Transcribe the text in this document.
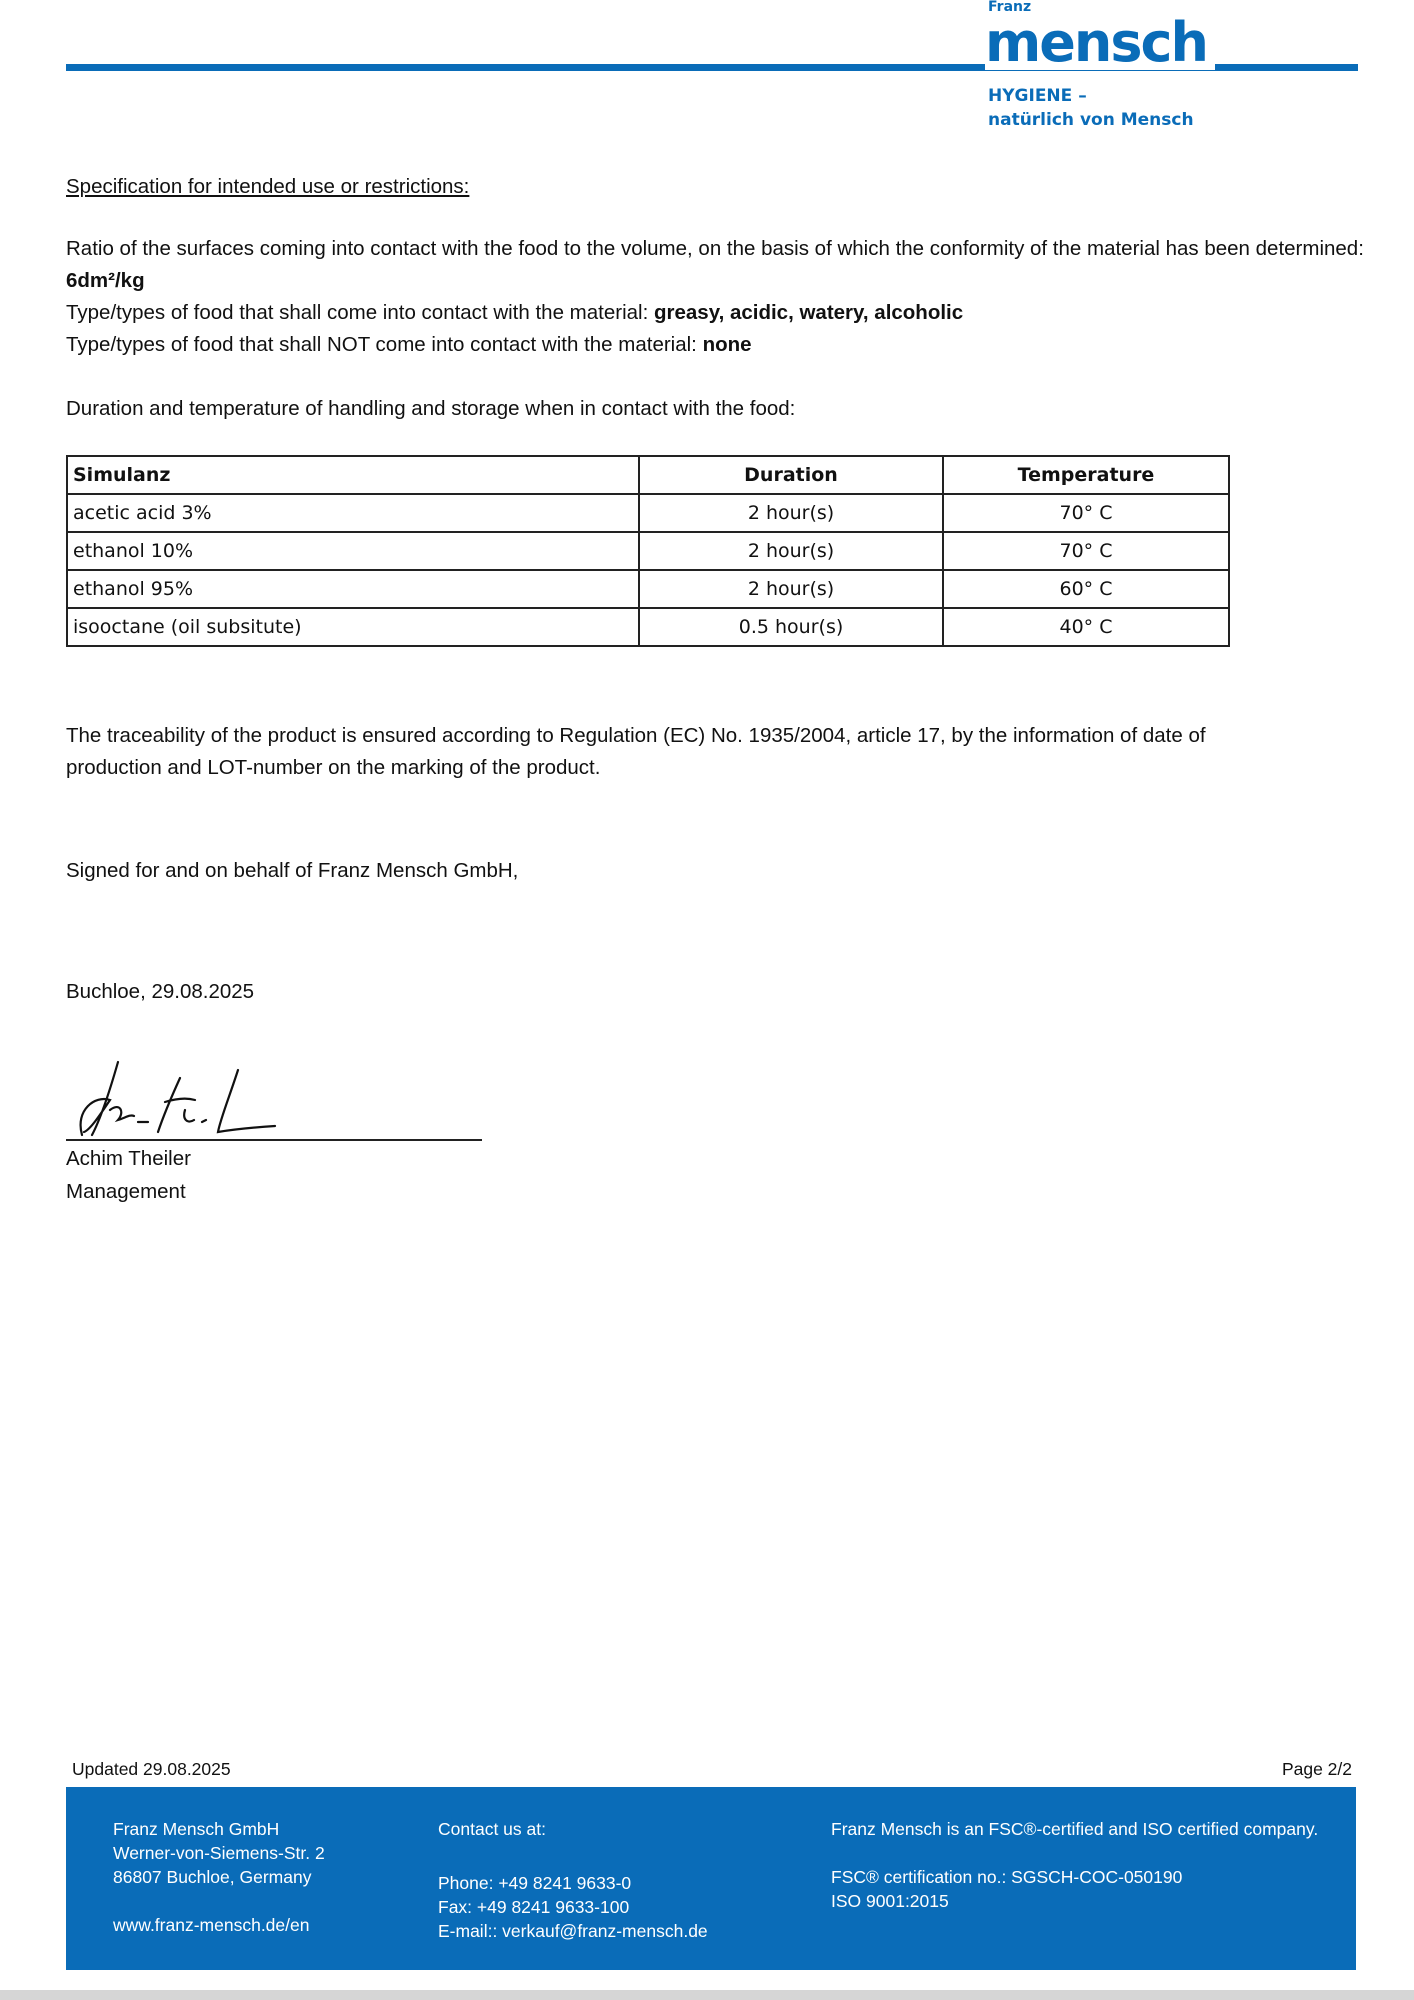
Franz
mensch
HYGIENE –
natürlich von Mensch
Specification for intended use or restrictions:
Ratio of the surfaces coming into contact with the food to the volume, on the basis of which the conformity of the material has been determined: 6dm²/kg
Type/types of food that shall come into contact with the material: greasy, acidic, watery, alcoholic
Type/types of food that shall NOT come into contact with the material: none
Duration and temperature of handling and storage when in contact with the food:
Simulanz	Duration	Temperature
acetic acid 3%	2 hour(s)	70° C
ethanol 10%	2 hour(s)	70° C
ethanol 95%	2 hour(s)	60° C
isooctane (oil subsitute)	0.5 hour(s)	40° C
The traceability of the product is ensured according to Regulation (EC) No. 1935/2004, article 17, by the information of date of production and LOT-number on the marking of the product.
Signed for and on behalf of Franz Mensch GmbH,
Buchloe, 29.08.2025
Achim Theiler
Management
Updated 29.08.2025	Page 2/2
Franz Mensch GmbH
Werner-von-Siemens-Str. 2
86807 Buchloe, Germany
www.franz-mensch.de/en
Contact us at:
Phone: +49 8241 9633-0
Fax: +49 8241 9633-100
E-mail:: verkauf@franz-mensch.de
Franz Mensch is an FSC®-certified and ISO certified company.
FSC® certification no.: SGSCH-COC-050190
ISO 9001:2015
